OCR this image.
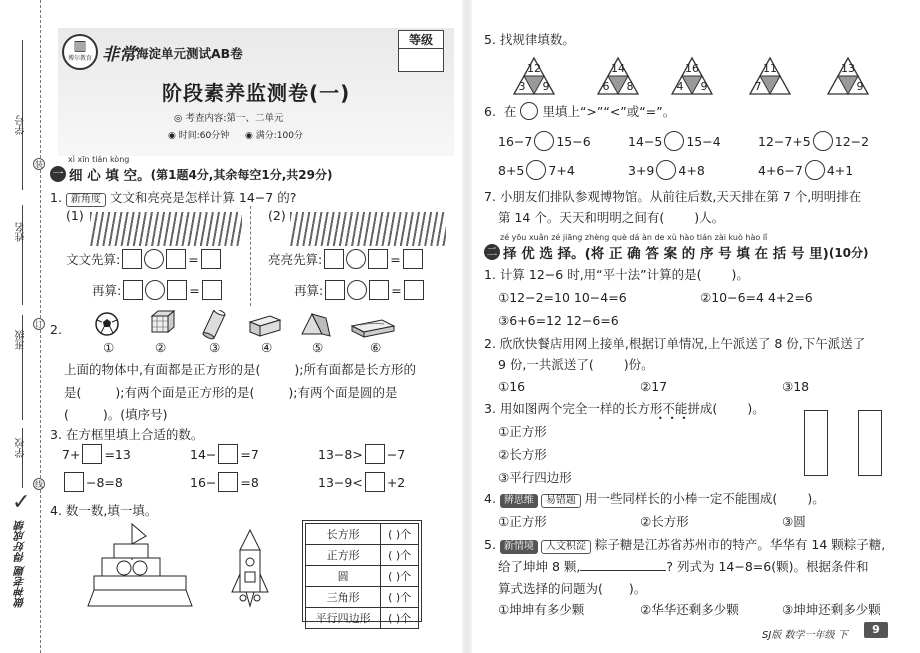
学号
姓名
班级
学校
装
订
线
✓
做神老题 得好成绩
▥
博尔教育 非常 海淀单元测试AB卷
等级
阶段素养监测卷(一)
◎ 考查内容:第一、二单元
◉ 时间:60分钟 ◉ 满分:100分
xì xīn tián kòng
一 细 心 填 空。 (第1题4分,其余每空1分,共29分)
1. 新角度 文文和亮亮是怎样计算 14−7 的?
(1)	(2)
文文先算:	=
再算:	=
亮亮先算:	=
再算:	=
2.
①	②	③	④	⑤	⑥
上面的物体中,有面都是正方形的是(	);所有面都是长方形的
是(	);有两个面是正方形的是(	);有两个面是圆的是
(	)。(填序号)
3. 在方框里填上合适的数。
7+ =13	14− =7	13−8> −7
−8=8	16− =8	13−9< +2
4. 数一数,填一填。
长方形	( )个
正方形	( )个
圆	( )个
三角形	( )个
平行四边形	( )个
5. 找规律填数。
12
3	9
14
6	8
16
4	9
11
7
13
9
6.
在 里填上“>”“<”或“=”。
16−7 15−6	14−5 15−4	12−7+5 12−2
8+5 7+4	3+9 4+8	4+6−7 4+1
7. 小朋友们排队参观博物馆。从前往后数,天天排在第 7 个,明明排在
第 14 个。天天和明明之间有( )人。
zé yōu xuǎn zé jiāng zhèng què dá àn de xù hào tián zài kuò hào lǐ
二 择 优 选 择。(将 正 确 答 案 的 序 号 填 在 括 号 里) (10分)
1. 计算 12−6 时,用“平十法”计算的是( )。
①12−2=10 10−4=6	②10−6=4 4+2=6
③6+6=12 12−6=6
2. 欣欣快餐店用网上接单,根据订单情况,上午派送了 8 份,下午派送了
9 份,一共派送了( )份。
①16	②17	③18
3. 用如图两个完全一样的长方形不能拼成( )。
•••
①正方形
②长方形
③平行四边形
4. 辨思维 易错题 用一些同样长的小棒一定不能围成( )。
①正方形	②长方形	③圆
5. 新情境 人文积淀 粽子糖是江苏省苏州市的特产。华华有 14 颗粽子糖,
给了坤坤 8 颗,	? 列式为 14−8=6(颗)。根据条件和
算式选择的问题为( )。
①坤坤有多少颗	②华华还剩多少颗	③坤坤还剩多少颗
SJ版 数学一年级 下	9
